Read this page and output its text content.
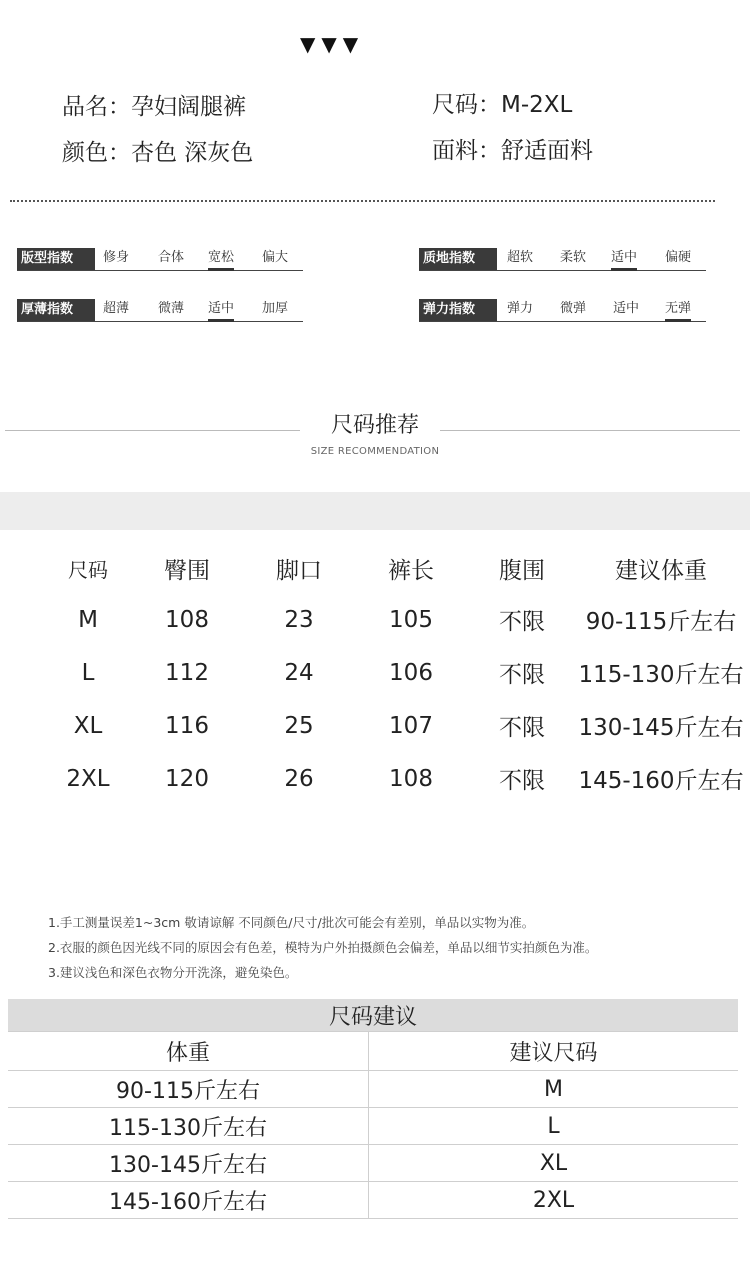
▼▼▼
品名：孕妇阔腿裤	尺码：M-2XL
颜色：杏色 深灰色	面料：舒适面料
版型指数	修身 合体 宽松 偏大	质地指数	超软 柔软 适中 偏硬
厚薄指数	超薄 微薄 适中 加厚	弹力指数	弹力 微弹 适中 无弹
尺码推荐
SIZE RECOMMENDATION
尺码	臀围	脚口	裤长	腹围	建议体重
M	108	23	105	不限	90-115斤左右
L	112	24	106	不限	115-130斤左右
XL	116	25	107	不限	130-145斤左右
2XL	120	26	108	不限	145-160斤左右
1.手工测量误差1~3cm 敬请谅解 不同颜色/尺寸/批次可能会有差别，单品以实物为准。
2.衣服的颜色因光线不同的原因会有色差，模特为户外拍摄颜色会偏差，单品以细节实拍颜色为准。
3.建议浅色和深色衣物分开洗涤，避免染色。
尺码建议	
体重	建议尺码
90-115斤左右	M
115-130斤左右	L
130-145斤左右	XL
145-160斤左右	2XL
